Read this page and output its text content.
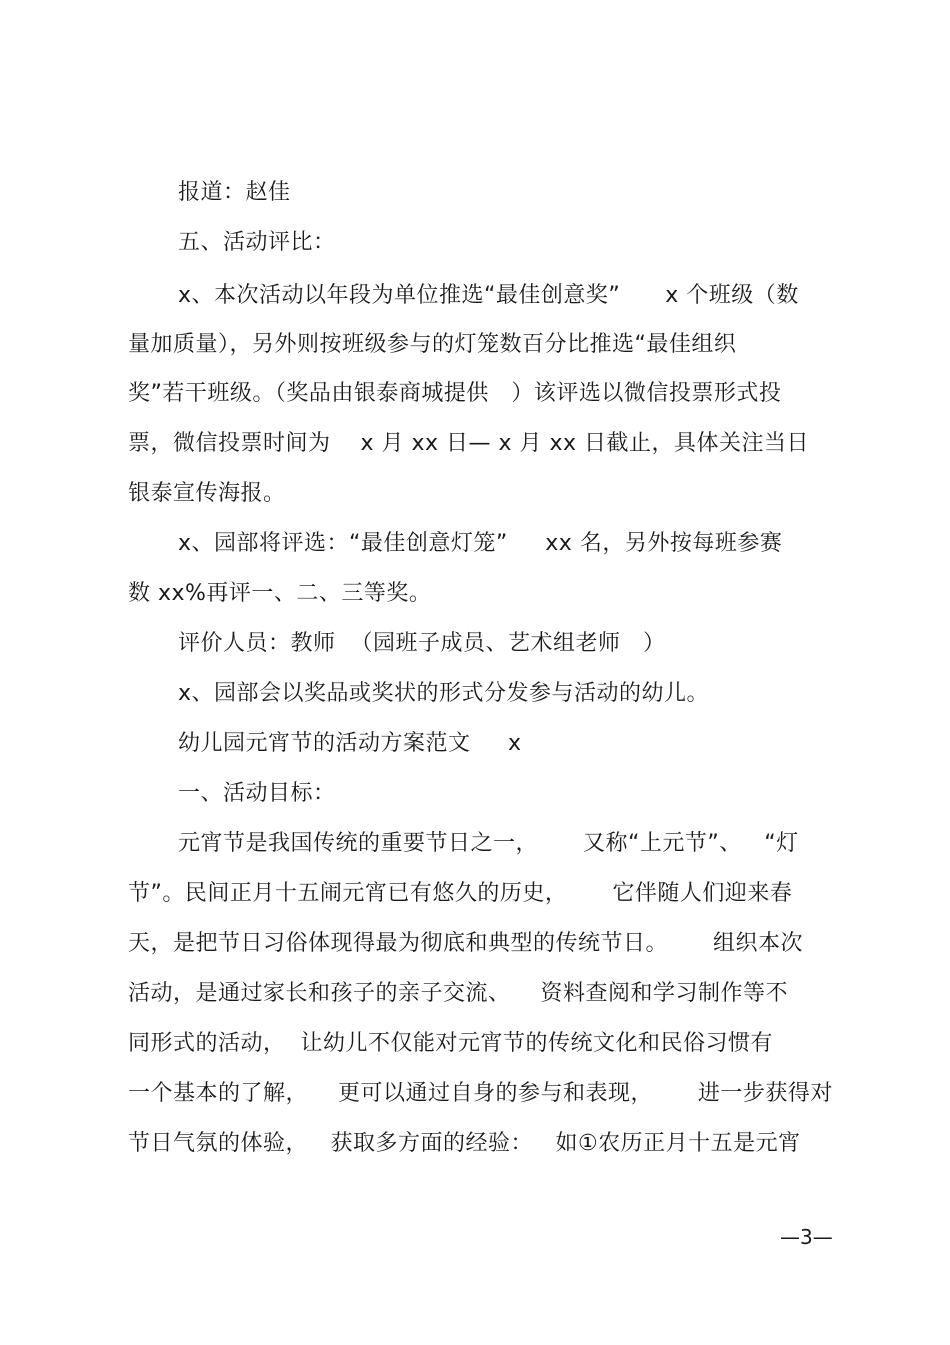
报道：赵佳
五、活动评比：
x、本次活动以年段为单位推选“最佳创意奖”      x 个班级（数
量加质量），另外则按班级参与的灯笼数百分比推选“最佳组织
奖”若干班级。（奖品由银泰商城提供   ）该评选以微信投票形式投
票，微信投票时间为    x 月 xx 日— x 月 xx 日截止，具体关注当日
银泰宣传海报。
x、园部将评选：“最佳创意灯笼”     xx 名，另外按每班参赛
数 xx%再评一、二、三等奖。
评价人员：教师  （园班子成员、艺术组老师   ）
x、园部会以奖品或奖状的形式分发参与活动的幼儿。
幼儿园元宵节的活动方案范文     x
一、活动目标：
元宵节是我国传统的重要节日之一，      又称“上元节”、   “灯
节”。民间正月十五闹元宵已有悠久的历史，      它伴随人们迎来春
天，是把节日习俗体现得最为彻底和典型的传统节日。      组织本次
活动，是通过家长和孩子的亲子交流、    资料查阅和学习制作等不
同形式的活动，  让幼儿不仅能对元宵节的传统文化和民俗习惯有
一个基本的了解，    更可以通过自身的参与和表现，      进一步获得对
节日气氛的体验，   获取多方面的经验：   如①农历正月十五是元宵
—3—
